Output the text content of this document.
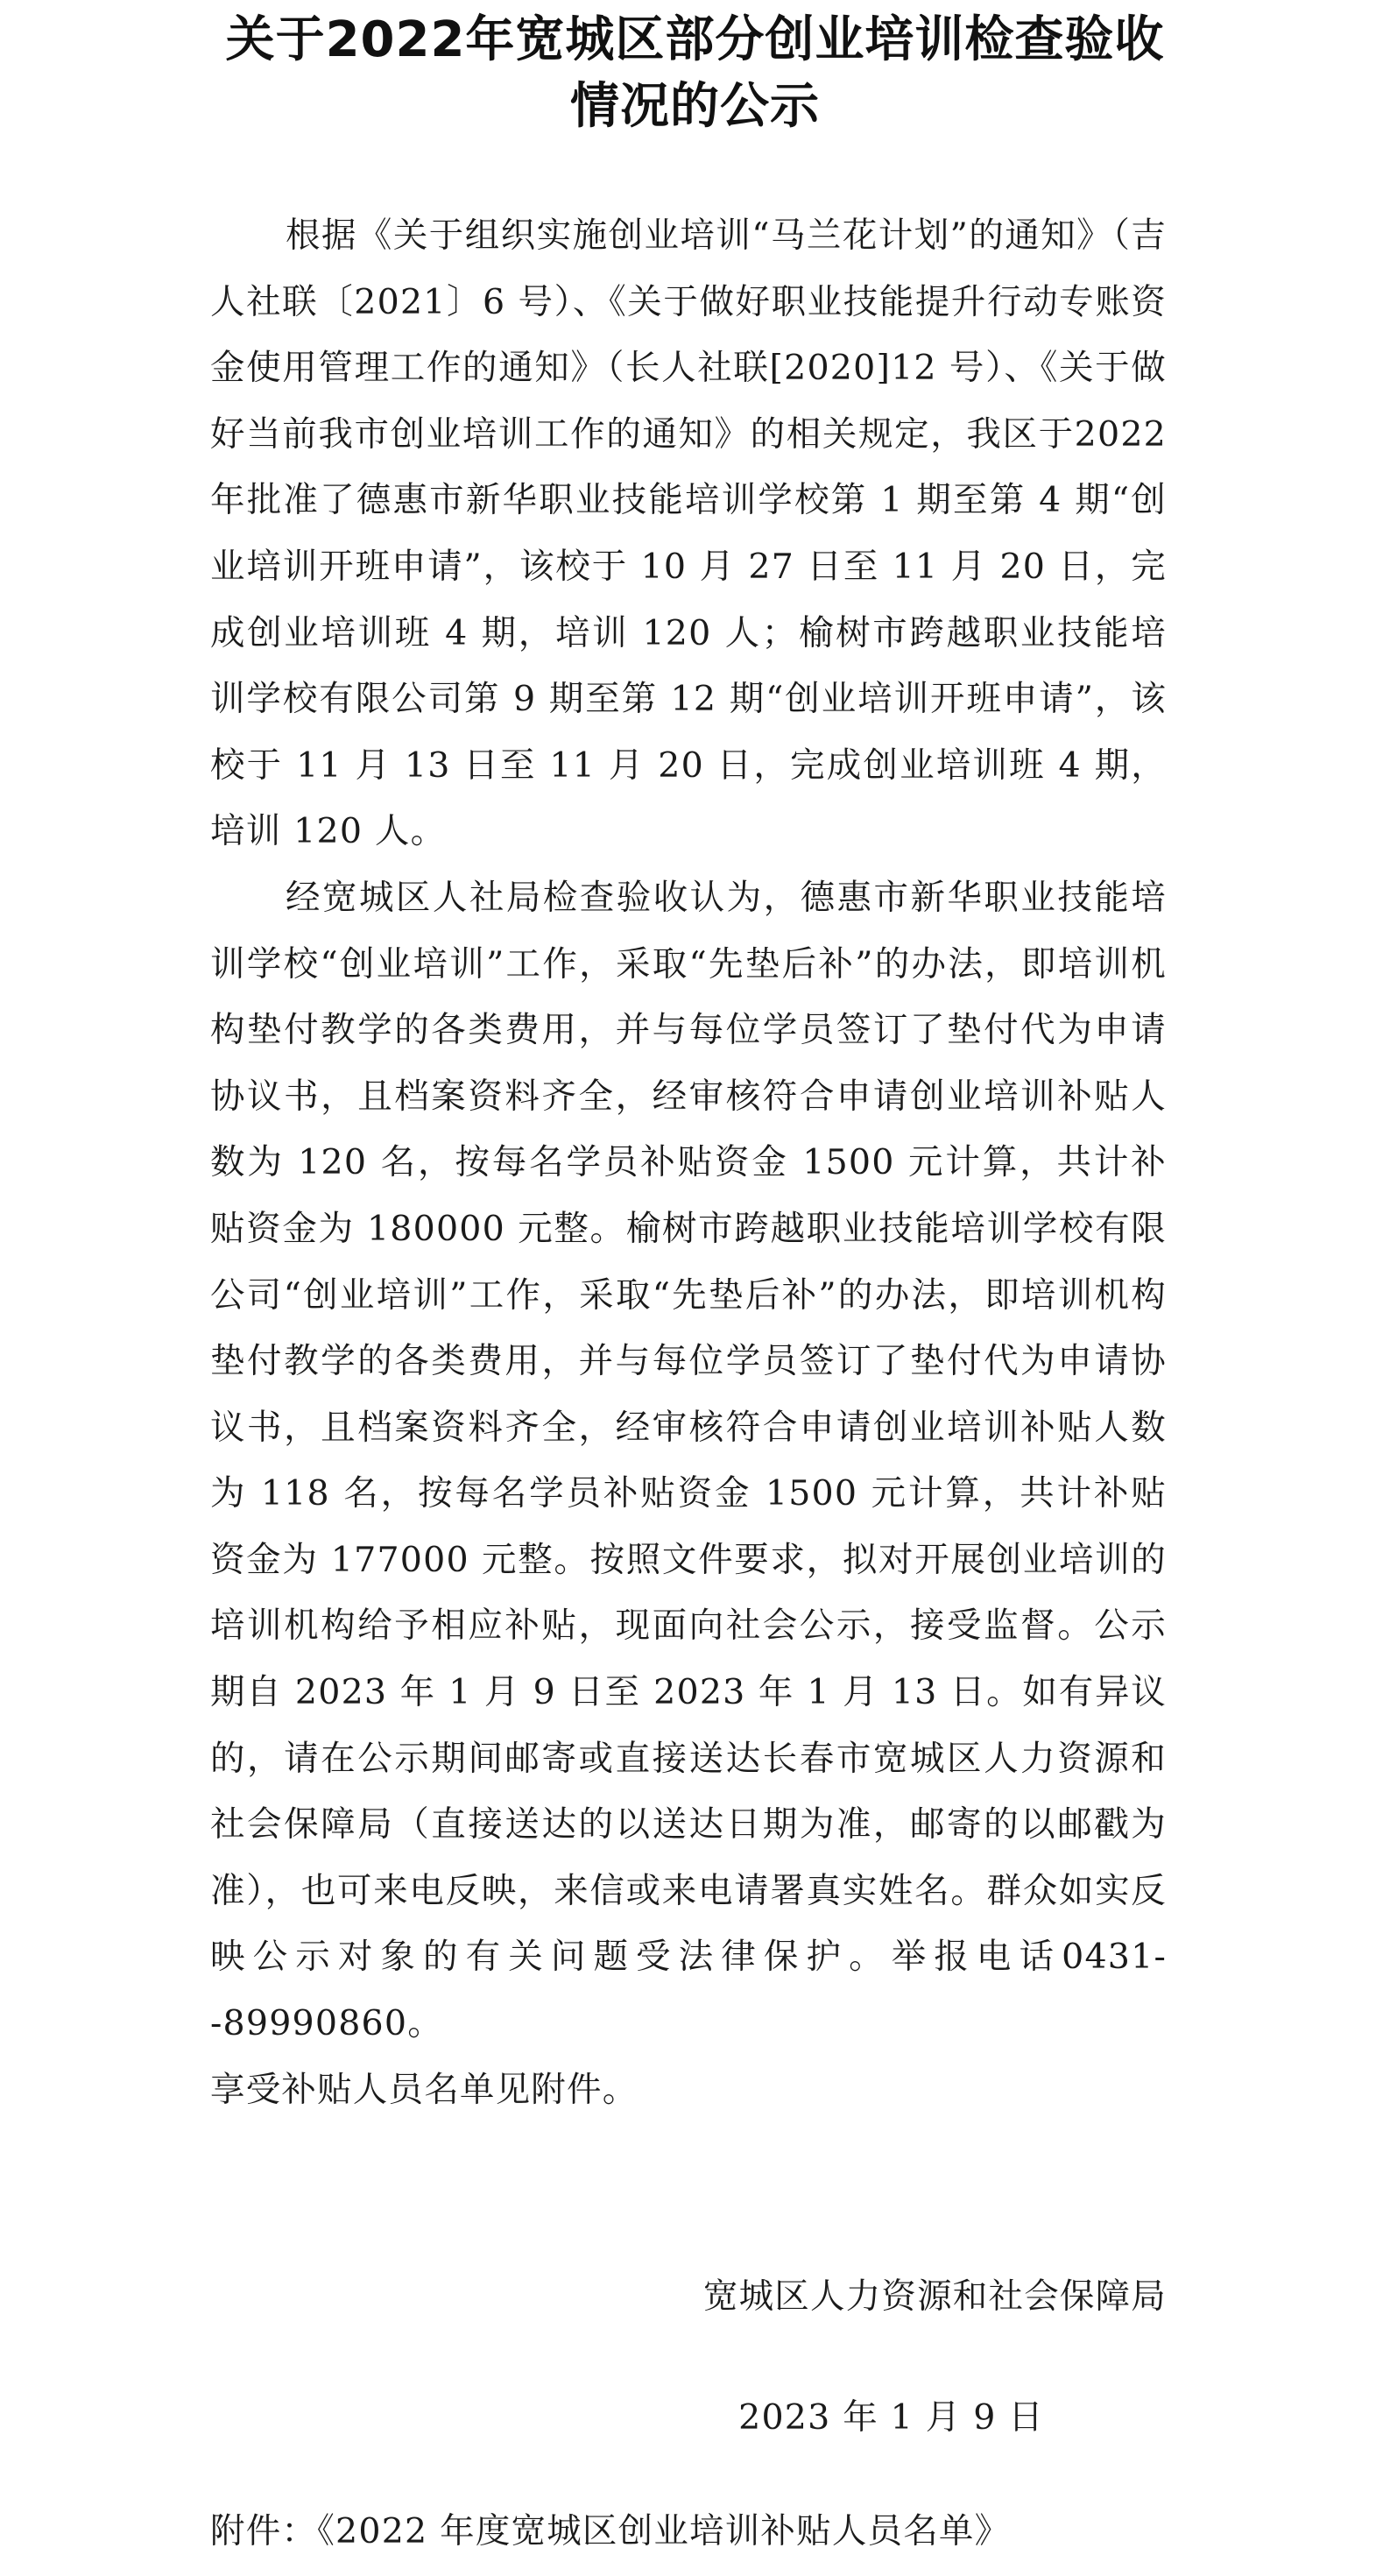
关于2022年宽城区部分创业培训检查验收
情况的公示

根据《关于组织实施创业培训“马兰花计划”的通知》（吉人社联〔2021〕6 号）、《关于做好职业技能提升行动专账资金使用管理工作的通知》（长人社联[2020]12 号）、《关于做好当前我市创业培训工作的通知》的相关规定，我区于2022 年批准了德惠市新华职业技能培训学校第 1 期至第 4 期“创业培训开班申请”，该校于 10 月 27 日至 11 月 20 日，完成创业培训班 4 期，培训 120 人；榆树市跨越职业技能培训学校有限公司第 9 期至第 12 期“创业培训开班申请”，该校于 11 月 13 日至 11 月 20 日，完成创业培训班 4 期，培训 120 人。

经宽城区人社局检查验收认为，德惠市新华职业技能培训学校“创业培训”工作，采取“先垫后补”的办法，即培训机构垫付教学的各类费用，并与每位学员签订了垫付代为申请协议书，且档案资料齐全，经审核符合申请创业培训补贴人数为 120 名，按每名学员补贴资金 1500 元计算，共计补贴资金为 180000 元整。榆树市跨越职业技能培训学校有限公司“创业培训”工作，采取“先垫后补”的办法，即培训机构垫付教学的各类费用，并与每位学员签订了垫付代为申请协议书，且档案资料齐全，经审核符合申请创业培训补贴人数为 118 名，按每名学员补贴资金 1500 元计算，共计补贴资金为 177000 元整。按照文件要求，拟对开展创业培训的培训机构给予相应补贴，现面向社会公示，接受监督。公示期自 2023 年 1 月 9 日至 2023 年 1 月 13 日。如有异议的，请在公示期间邮寄或直接送达长春市宽城区人力资源和社会保障局（直接送达的以送达日期为准，邮寄的以邮戳为准），也可来电反映，来信或来电请署真实姓名。群众如实反映公示对象的有关问题受法律保护。举报电话0431--89990860。

享受补贴人员名单见附件。

宽城区人力资源和社会保障局
2023 年 1 月 9 日
附件：《2022 年度宽城区创业培训补贴人员名单》
